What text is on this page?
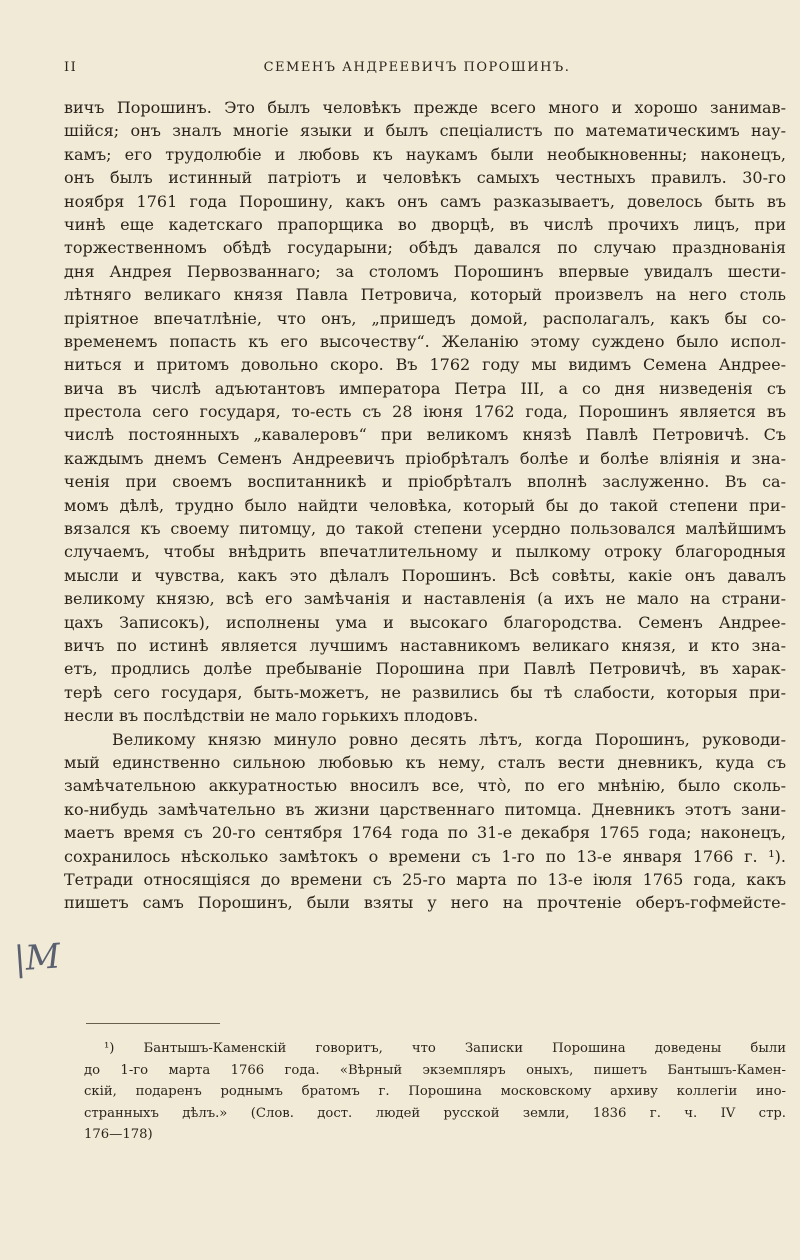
II	СЕМЕНЪ АНДРЕЕВИЧЪ ПОРОШИНЪ.
вичъ Порошинъ. Это былъ человѣкъ прежде всего много и хорошо занимав-
шійся; онъ зналъ многіе языки и былъ спеціалистъ по математическимъ нау-
камъ; его трудолюбіе и любовь къ наукамъ были необыкновенны; наконецъ,
онъ былъ истинный патріотъ и человѣкъ самыхъ честныхъ правилъ. 30-го
ноября 1761 года Порошину, какъ онъ самъ разказываетъ, довелось быть въ
чинѣ еще кадетскаго прапорщика во дворцѣ, въ числѣ прочихъ лицъ, при
торжественномъ обѣдѣ государыни; обѣдъ давался по случаю празднованія
дня Андрея Первозваннаго; за столомъ Порошинъ впервые увидалъ шести-
лѣтняго великаго князя Павла Петровича, который произвелъ на него столь
пріятное впечатлѣніе, что онъ, „пришедъ домой, располагалъ, какъ бы со-
временемъ попасть къ его высочеству“. Желанію этому суждено было испол-
ниться и притомъ довольно скоро. Въ 1762 году мы видимъ Семена Андрее-
вича въ числѣ адъютантовъ императора Петра III, а со дня низведенія съ
престола сего государя, то-есть съ 28 іюня 1762 года, Порошинъ является въ
числѣ постоянныхъ „кавалеровъ“ при великомъ князѣ Павлѣ Петровичѣ. Съ
каждымъ днемъ Семенъ Андреевичъ пріобрѣталъ болѣе и болѣе вліянія и зна-
ченія при своемъ воспитанникѣ и пріобрѣталъ вполнѣ заслуженно. Въ са-
момъ дѣлѣ, трудно было найдти человѣка, который бы до такой степени при-
вязался къ своему питомцу, до такой степени усердно пользовался малѣйшимъ
случаемъ, чтобы внѣдрить впечатлительному и пылкому отроку благородныя
мысли и чувства, какъ это дѣлалъ Порошинъ. Всѣ совѣты, какіе онъ давалъ
великому князю, всѣ его замѣчанія и наставленія (а ихъ не мало на страни-
цахъ Записокъ), исполнены ума и высокаго благородства. Семенъ Андрее-
вичъ по истинѣ является лучшимъ наставникомъ великаго князя, и кто зна-
етъ, продлись долѣе пребываніе Порошина при Павлѣ Петровичѣ, въ харак-
терѣ сего государя, быть-можетъ, не развились бы тѣ слабости, которыя при-
несли въ послѣдствіи не мало горькихъ плодовъ.
Великому князю минуло ровно десять лѣтъ, когда Порошинъ, руководи-
мый единственно сильною любовью къ нему, сталъ вести дневникъ, куда съ
замѣчательною аккуратностью вносилъ все, что̀, по его мнѣнію, было сколь-
ко-нибудь замѣчательно въ жизни царственнаго питомца. Дневникъ этотъ зани-
маетъ время съ 20-го сентября 1764 года по 31-е декабря 1765 года; наконецъ,
сохранилось нѣсколько замѣтокъ о времени съ 1-го по 13-е января 1766 г. ¹).
Тетради относящіяся до времени съ 25-го марта по 13-е іюля 1765 года, какъ
пишетъ самъ Порошинъ, были взяты у него на прочтеніе оберъ-гофмейсте-
|M
¹) Бантышъ-Каменскій говоритъ, что Записки Порошина доведены были
до 1-го марта 1766 года. «Вѣрный экземпляръ оныхъ, пишетъ Бантышъ-Камен-
скій, подаренъ роднымъ братомъ г. Порошина московскому архиву коллегіи ино-
странныхъ дѣлъ.» (Слов. дост. людей русской земли, 1836 г. ч. IV стр.
176—178)
